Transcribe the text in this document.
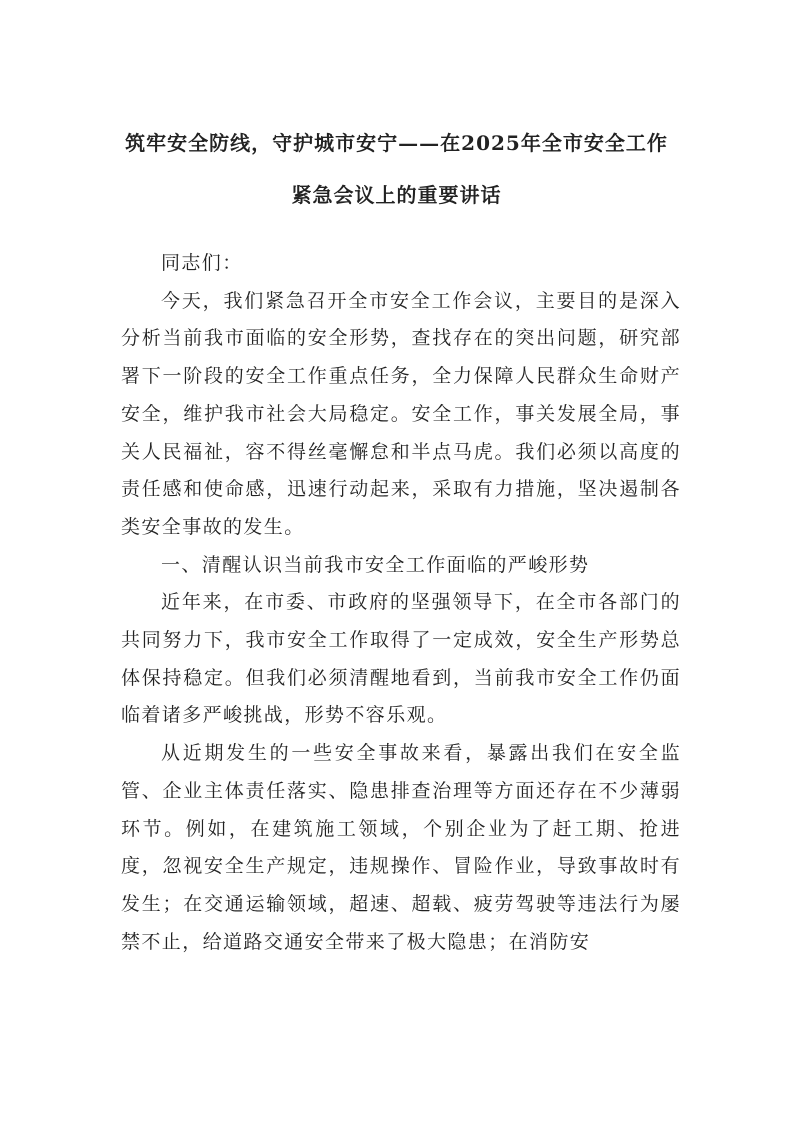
筑牢安全防线，守护城市安宁——在2025年全市安全工作
紧急会议上的重要讲话

同志们：

今天，我们紧急召开全市安全工作会议，主要目的是深入分析当前我市面临的安全形势，查找存在的突出问题，研究部署下一阶段的安全工作重点任务，全力保障人民群众生命财产安全，维护我市社会大局稳定。安全工作，事关发展全局，事关人民福祉，容不得丝毫懈怠和半点马虎。我们必须以高度的责任感和使命感，迅速行动起来，采取有力措施，坚决遏制各类安全事故的发生。

一、清醒认识当前我市安全工作面临的严峻形势

近年来，在市委、市政府的坚强领导下，在全市各部门的共同努力下，我市安全工作取得了一定成效，安全生产形势总体保持稳定。但我们必须清醒地看到，当前我市安全工作仍面临着诸多严峻挑战，形势不容乐观。

从近期发生的一些安全事故来看，暴露出我们在安全监管、企业主体责任落实、隐患排查治理等方面还存在不少薄弱环节。例如，在建筑施工领域，个别企业为了赶工期、抢进度，忽视安全生产规定，违规操作、冒险作业，导致事故时有发生；在交通运输领域，超速、超载、疲劳驾驶等违法行为屡禁不止，给道路交通安全带来了极大隐患；在消防安
